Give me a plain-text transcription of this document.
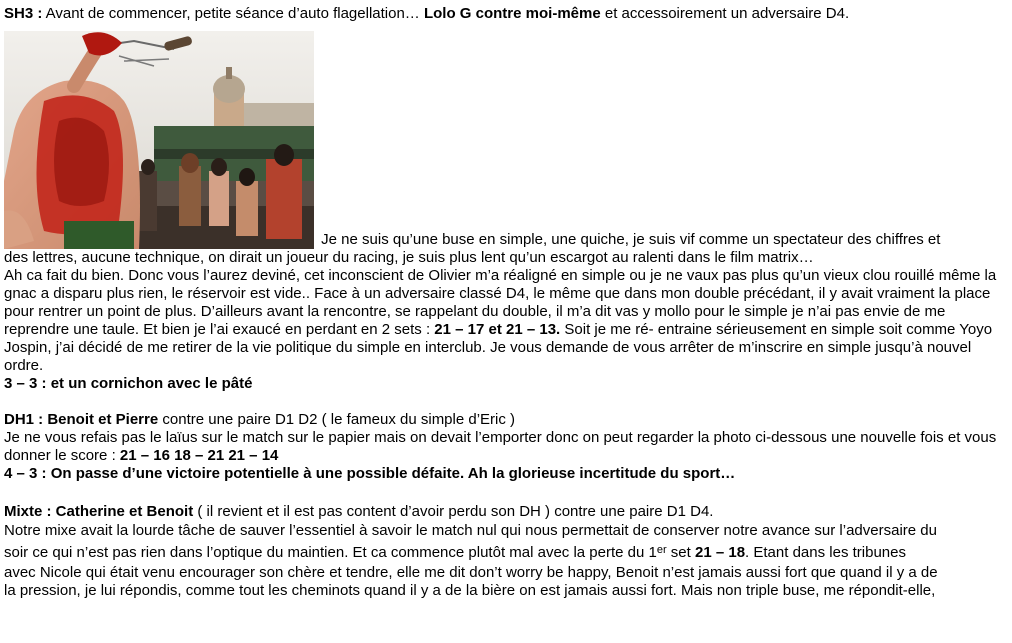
SH3 : Avant de commencer, petite séance d’auto flagellation… Lolo G contre moi-même et accessoirement un adversaire D4.

Je ne suis qu’une buse en simple, une quiche, je suis vif comme un spectateur des chiffres et

des lettres, aucune technique, on dirait un joueur du racing, je suis plus lent qu’un escargot au ralenti dans le film matrix…

Ah ca fait du bien. Donc vous l’aurez deviné, cet inconscient de Olivier m’a réaligné en simple ou je ne vaux pas plus qu’un vieux clou rouillé même la gnac a disparu plus rien, le réservoir est vide.. Face à un adversaire classé D4, le même que dans mon double précédant, il y avait vraiment la place pour rentrer un point de plus. D’ailleurs avant la rencontre, se rappelant du double, il m’a dit vas y mollo pour le simple je n’ai pas envie de me reprendre une taule. Et bien je l’ai exaucé en perdant en 2 sets : 21 – 17 et 21 – 13. Soit je me ré- entraine sérieusement en simple soit comme Yoyo Jospin, j’ai décidé de me retirer de la vie politique du simple en interclub. Je vous demande de vous arrêter de m’inscrire en simple jusqu’à nouvel ordre.

3 – 3 : et un cornichon avec le pâté

DH1 : Benoit et Pierre contre une paire D1 D2 ( le fameux du simple d’Eric )

Je ne vous refais pas le laïus sur le match sur le papier mais on devait l’emporter donc on peut regarder la photo ci-dessous une nouvelle fois et vous donner le score : 21 – 16 18 – 21 21 – 14

4 – 3 : On passe d’une victoire potentielle à une possible défaite. Ah la glorieuse incertitude du sport…

Mixte : Catherine et Benoit ( il revient et il est pas content d’avoir perdu son DH ) contre une paire D1 D4.

Notre mixe avait la lourde tâche de sauver l’essentiel à savoir le match nul qui nous permettait de conserver notre avance sur l’adversaire du

soir ce qui n’est pas rien dans l’optique du maintien. Et ca commence plutôt mal avec la perte du 1er set 21 – 18. Etant dans les tribunes

avec Nicole qui était venu encourager son chère et tendre, elle me dit don’t worry be happy, Benoit n’est jamais aussi fort que quand il y a de

la pression, je lui répondis, comme tout les cheminots quand il y a de la bière on est jamais aussi fort. Mais non triple buse, me répondit-elle,
